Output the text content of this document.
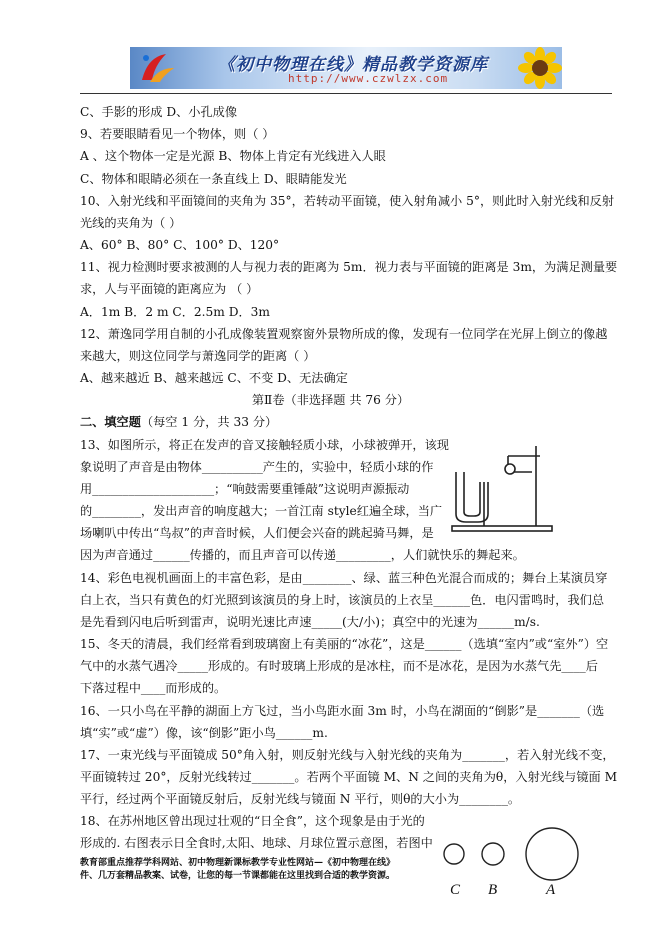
《初中物理在线》精品教学资源库
http://www.czwlzx.com
C、手影的形成 D、小孔成像
9、若要眼睛看见一个物体，则（ ）
A 、这个物体一定是光源 B、物体上肯定有光线进入人眼
C、物体和眼睛必须在一条直线上 D、眼睛能发光
10、入射光线和平面镜间的夹角为 35°，若转动平面镜，使入射角减小 5°，则此时入射光线和反射
光线的夹角为（ ）
A、60° B、80° C、100° D、120°
11、视力检测时要求被测的人与视力表的距离为 5m．视力表与平面镜的距离是 3m，为满足测量要
求，人与平面镜的距离应为 （ ）
A．1m B．2 m C．2.5m D．3m
12、萧逸同学用自制的小孔成像装置观察窗外景物所成的像，发现有一位同学在光屏上倒立的像越
来越大，则这位同学与萧逸同学的距离（ ）
A、越来越近 B、越来越远 C、不变 D、无法确定
第Ⅱ卷（非选择题 共 76 分）
二、填空题（每空 1 分，共 33 分）
13、如图所示，将正在发声的音叉接触轻质小球，小球被弹开，该现
象说明了声音是由物体__________产生的，实验中，轻质小球的作
用____________________；“响鼓需要重锤敲”这说明声源振动
的________，发出声音的响度越大；一首江南 style红遍全球，当广
场喇叭中传出“鸟叔”的声音时候，人们便会兴奋的跳起骑马舞，是
因为声音通过______传播的，而且声音可以传递_________，人们就快乐的舞起来。
14、彩色电视机画面上的丰富色彩，是由________、绿、蓝三种色光混合而成的；舞台上某演员穿
白上衣，当只有黄色的灯光照到该演员的身上时，该演员的上衣呈______色．电闪雷鸣时，我们总
是先看到闪电后听到雷声，说明光速比声速_____(大/小)；真空中的光速为______m/s.
15、冬天的清晨，我们经常看到玻璃窗上有美丽的“冰花”，这是______（选填“室内”或“室外”）空
气中的水蒸气遇冷_____形成的。有时玻璃上形成的是冰柱，而不是冰花，是因为水蒸气先____后
下落过程中____而形成的。
16、一只小鸟在平静的湖面上方飞过，当小鸟距水面 3m 时，小鸟在湖面的“倒影”是_______（选
填“实”或“虚”）像，该“倒影”距小鸟______m.
17、一束光线与平面镜成 50°角入射，则反射光线与入射光线的夹角为_______，若入射光线不变，
平面镜转过 20°，反射光线转过_______。若两个平面镜 M、N 之间的夹角为θ，入射光线与镜面 M
平行，经过两个平面镜反射后，反射光线与镜面 N 平行，则θ的大小为________。
18、在苏州地区曾出现过壮观的“日全食”，这个现象是由于光的
形成的. 右图表示日全食时,太阳、地球、月球位置示意图，若图中
教育部重点推荐学科网站、初中物理新课标教学专业性网站—《初中物理在线》
件、几万套精品教案、试卷，让您的每一节课都能在这里找到合适的教学资源。
C B	A
